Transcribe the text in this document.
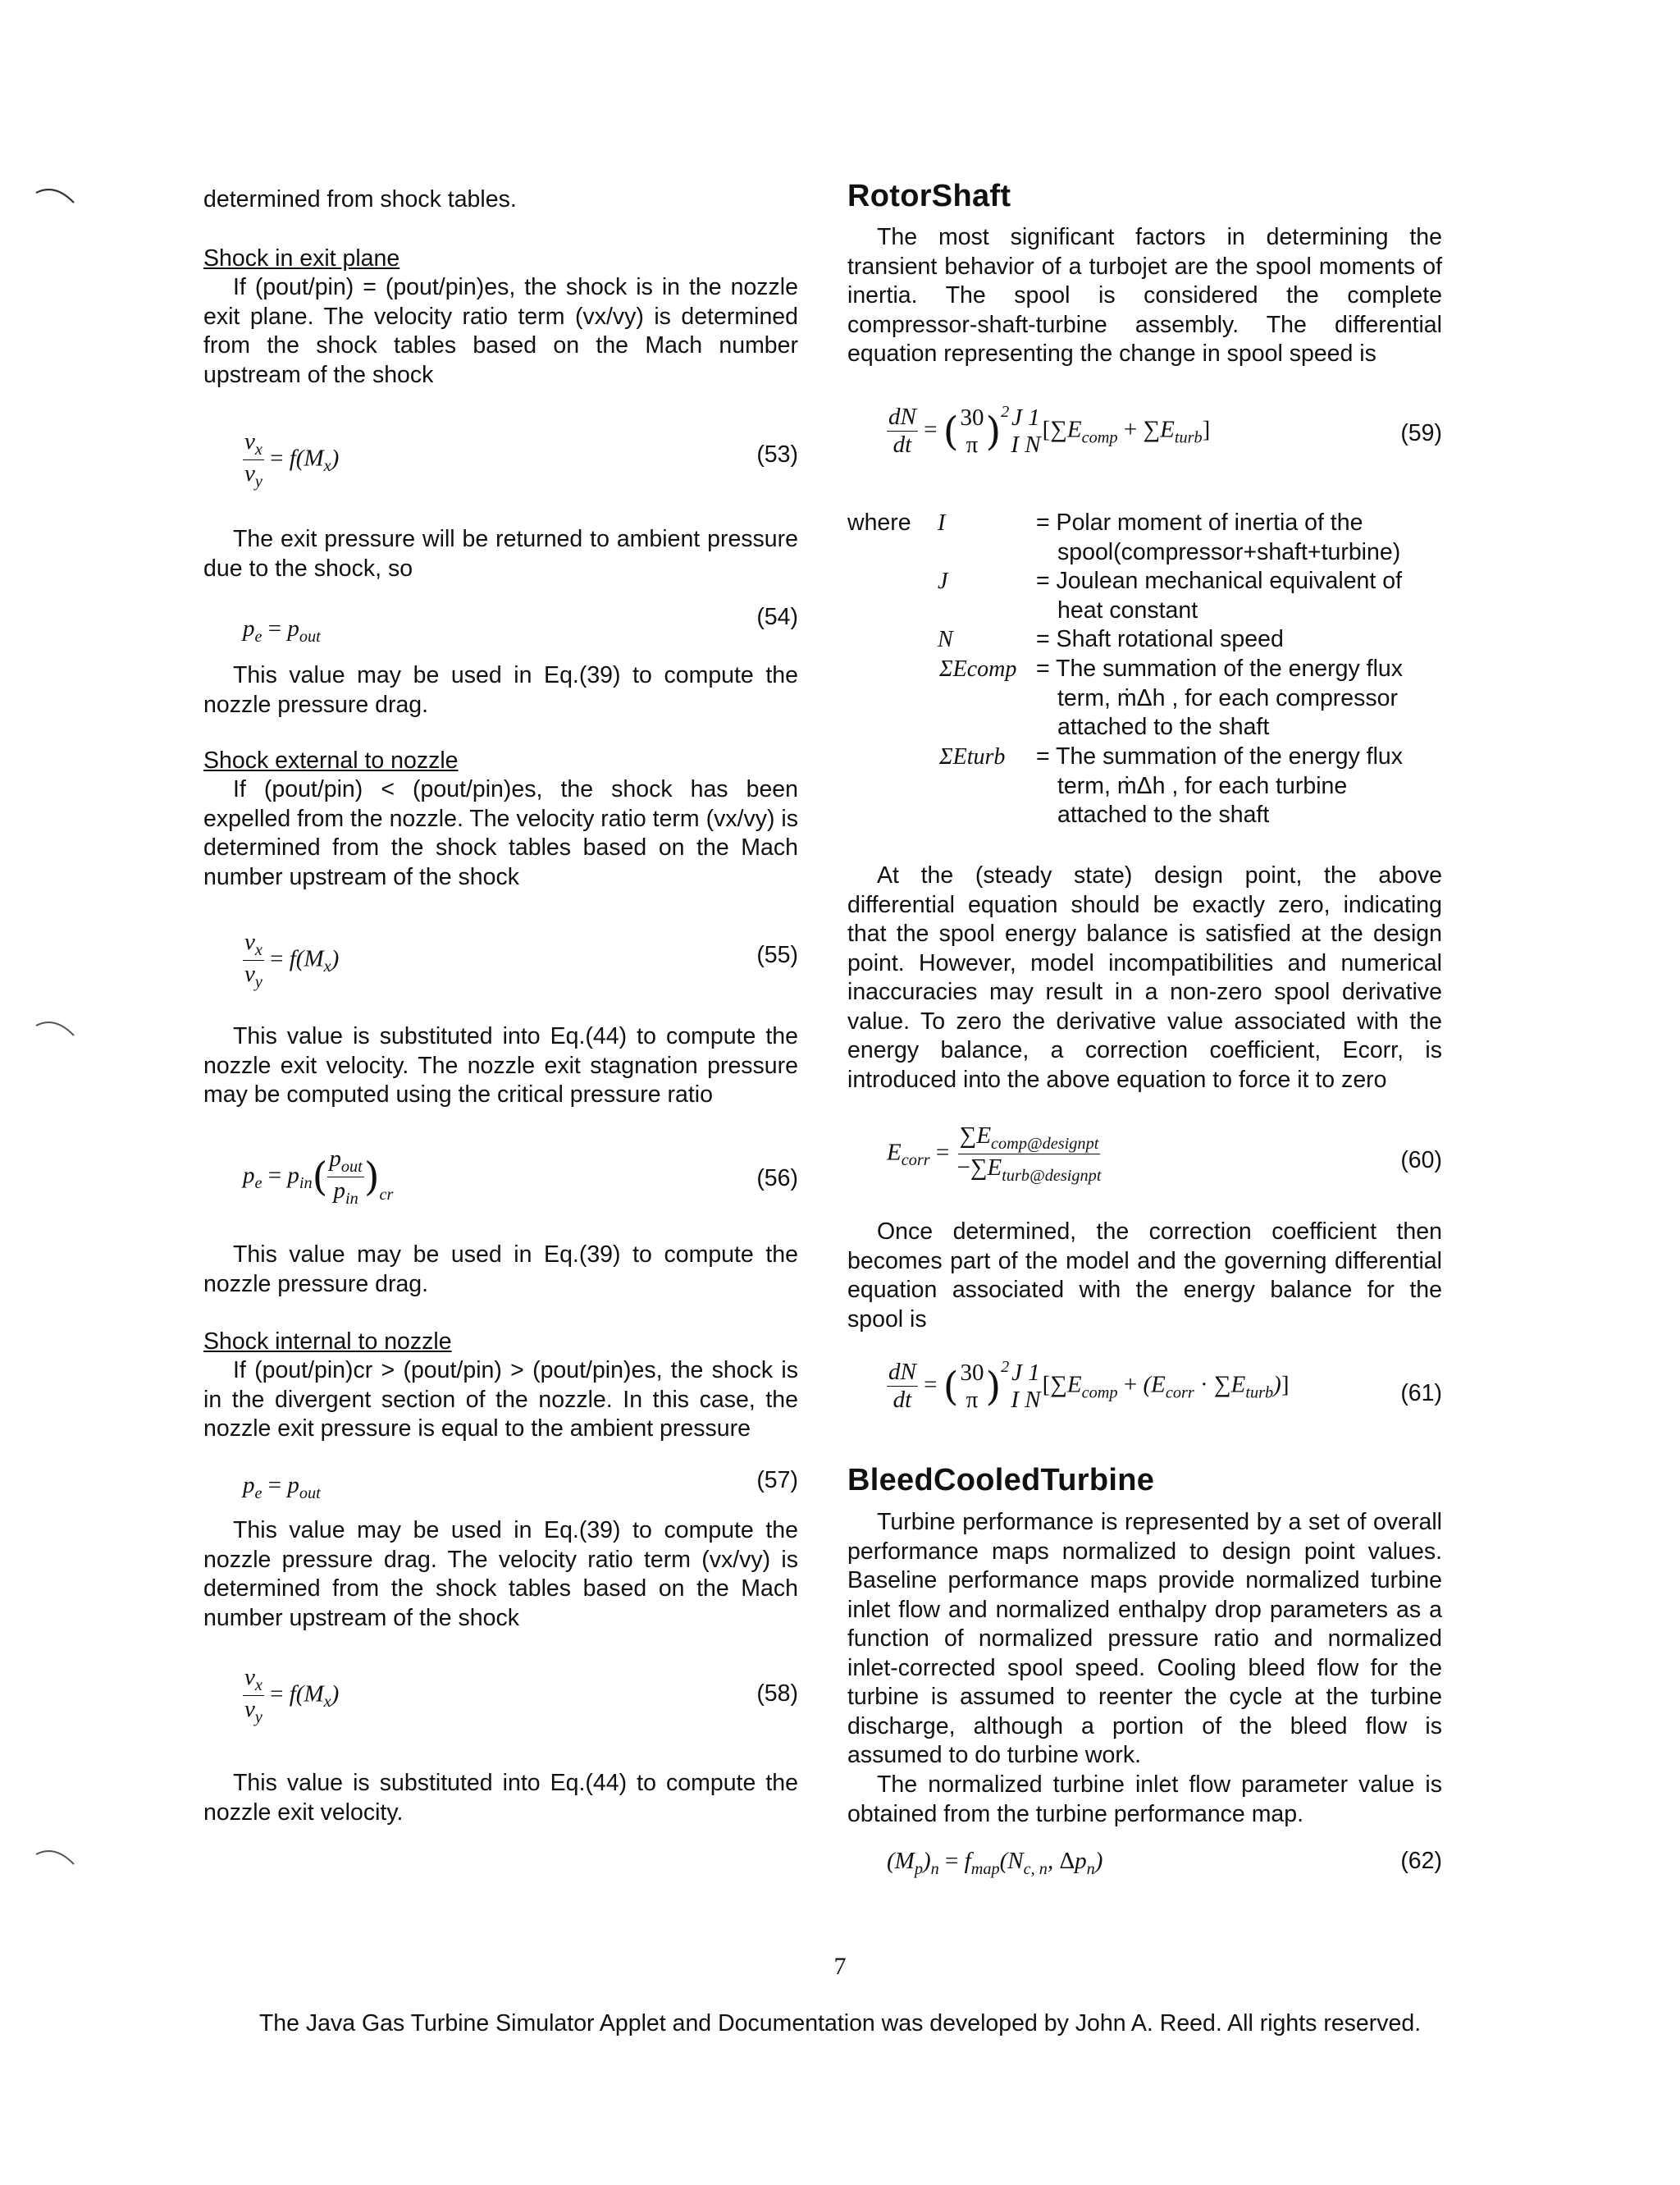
determined from shock tables.

Shock in exit plane

If (pout/pin) = (pout/pin)es, the shock is in the nozzle exit plane. The velocity ratio term (vx/vy) is determined from the shock tables based on the Mach number upstream of the shock

$\frac{v_x}{v_y} = f(M_x)$	(53)

The exit pressure will be returned to ambient pressure due to the shock, so

$p_e = p_{out}$
(54)

This value may be used in Eq.(39) to compute the nozzle pressure drag.

Shock external to nozzle

If (pout/pin) < (pout/pin)es, the shock has been expelled from the nozzle. The velocity ratio term (vx/vy) is determined from the shock tables based on the Mach number upstream of the shock

$\frac{v_x}{v_y} = f(M_x)$	(55)

This value is substituted into Eq.(44) to compute the nozzle exit velocity. The nozzle exit stagnation pressure may be computed using the critical pressure ratio

$p_e = p_{in}( \frac{p_{out}}{p_{in}} )_{cr}$
(56)

This value may be used in Eq.(39) to compute the nozzle pressure drag.

Shock internal to nozzle

If (pout/pin)cr > (pout/pin) > (pout/pin)es, the shock is in the divergent section of the nozzle. In this case, the nozzle exit pressure is equal to the ambient pressure

$p_e = p_{out}$	(57)

This value may be used in Eq.(39) to compute the nozzle pressure drag. The velocity ratio term (vx/vy) is determined from the shock tables based on the Mach number upstream of the shock

$\frac{v_x}{v_y} = f(M_x)$	(58)

This value is substituted into Eq.(44) to compute the nozzle exit velocity.

RotorShaft

The most significant factors in determining the transient behavior of a turbojet are the spool moments of inertia. The spool is considered the complete compressor-shaft-turbine assembly. The differential equation representing the change in spool speed is

$\frac{dN}{dt}$ = ( 30
π )$^2$ J 1
I N
$[\sum E_{comp} + \sum E_{turb}]$	(59)
where I	= Polar moment of inertia of the
spool(compressor+shaft+turbine)
J	= Joulean mechanical equivalent of
heat constant
N	= Shaft rotational speed
ΣEcomp = The summation of the energy flux
term, ṁΔh , for each compressor
attached to the shaft
ΣEturb = The summation of the energy flux
term, ṁΔh , for each turbine
attached to the shaft

At the (steady state) design point, the above differential equation should be exactly zero, indicating that the spool energy balance is satisfied at the design point. However, model incompatibilities and numerical inaccuracies may result in a non-zero spool derivative value. To zero the derivative value associated with the energy balance, a correction coefficient, Ecorr, is introduced into the above equation to force it to zero

$E_{corr} = \frac{\sum E_{comp@designpt}}{-\sum E_{turb@designpt}}$	(60)

Once determined, the correction coefficient then becomes part of the model and the governing differential equation associated with the energy balance for the spool is

$\frac{dN}{dt}$ = ( 30
π )$^2$ J 1
I N
$[\sum E_{comp} + (E_{corr} \cdot \sum E_{turb})]$	(61)
BleedCooledTurbine

Turbine performance is represented by a set of overall performance maps normalized to design point values. Baseline performance maps provide normalized turbine inlet flow and normalized enthalpy drop parameters as a function of normalized pressure ratio and normalized inlet-corrected spool speed. Cooling bleed flow for the turbine is assumed to reenter the cycle at the turbine discharge, although a portion of the bleed flow is assumed to do turbine work.

The normalized turbine inlet flow parameter value is obtained from the turbine performance map.

$(M_p)_n = f_{map}(N_{c, n}$, $\Delta p_n$)	(62)
7
The Java Gas Turbine Simulator Applet and Documentation was developed by John A. Reed. All rights reserved.
